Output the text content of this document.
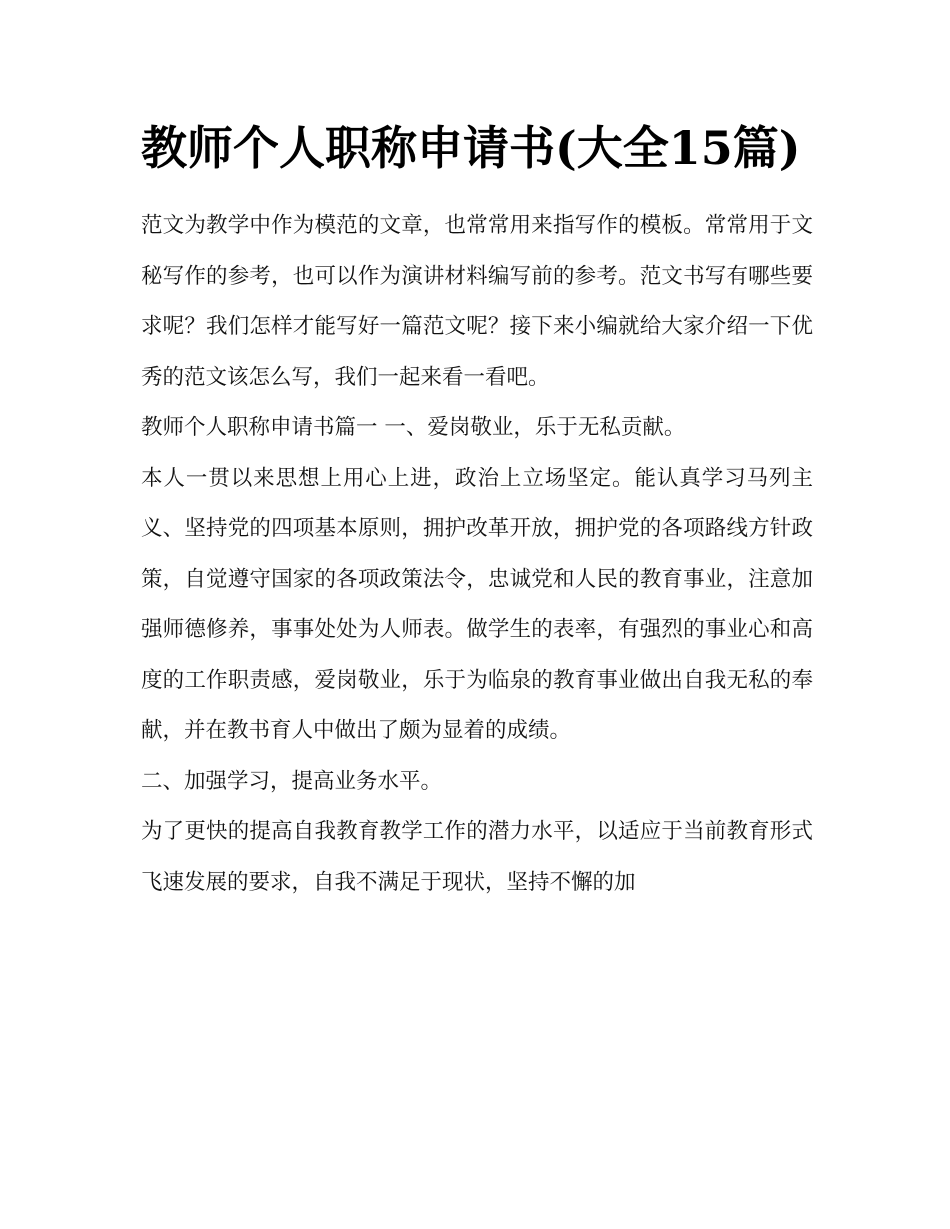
教师个人职称申请书(大全15篇)

范文为教学中作为模范的文章，也常常用来指写作的模板。常常用于文秘写作的参考，也可以作为演讲材料编写前的参考。范文书写有哪些要求呢？我们怎样才能写好一篇范文呢？接下来小编就给大家介绍一下优秀的范文该怎么写，我们一起来看一看吧。

教师个人职称申请书篇一 一、爱岗敬业，乐于无私贡献。

本人一贯以来思想上用心上进，政治上立场坚定。能认真学习马列主义、坚持党的四项基本原则，拥护改革开放，拥护党的各项路线方针政策，自觉遵守国家的各项政策法令，忠诚党和人民的教育事业，注意加强师德修养，事事处处为人师表。做学生的表率，有强烈的事业心和高度的工作职责感，爱岗敬业，乐于为临泉的教育事业做出自我无私的奉献，并在教书育人中做出了颇为显着的成绩。

二、加强学习，提高业务水平。

为了更快的提高自我教育教学工作的潜力水平，以适应于当前教育形式飞速发展的要求，自我不满足于现状，坚持不懈的加
